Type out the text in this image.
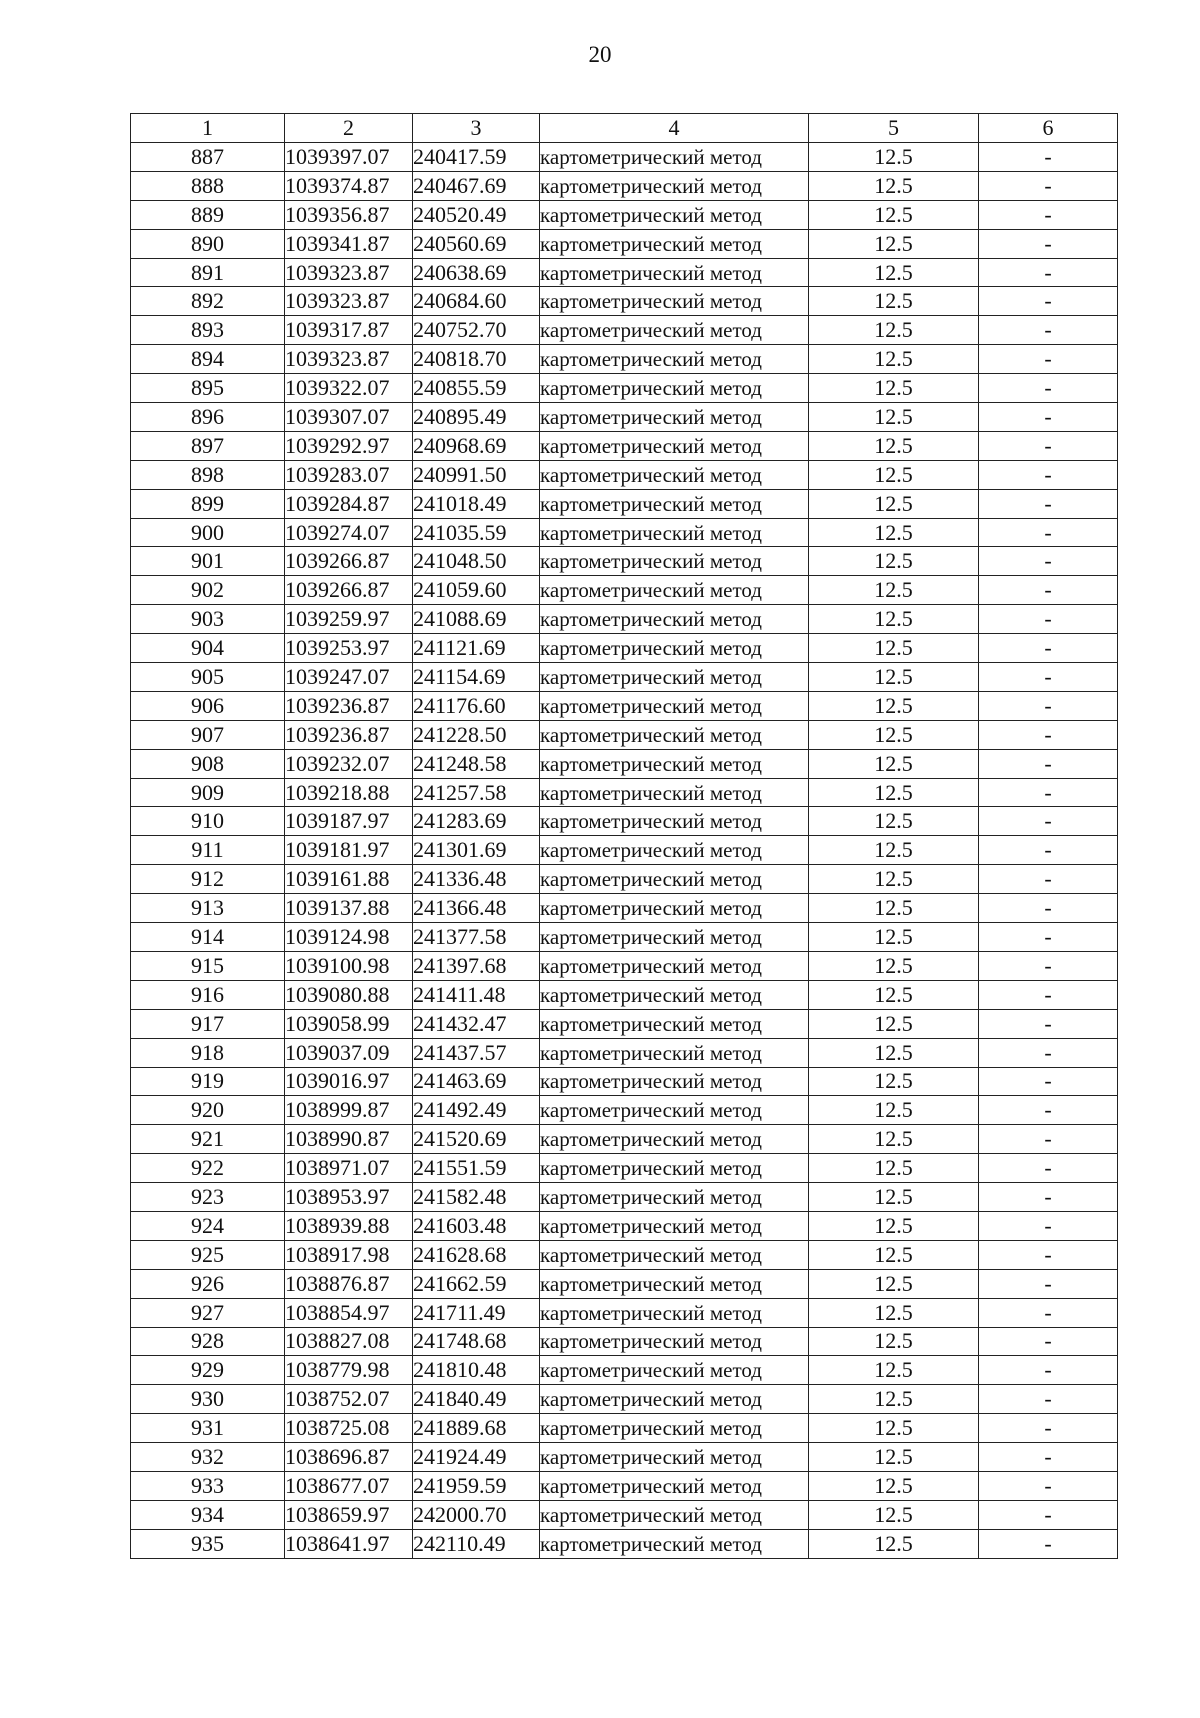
20
1	2	3	4	5	6
887	1039397.07	240417.59	картометрический метод	12.5	-
888	1039374.87	240467.69	картометрический метод	12.5	-
889	1039356.87	240520.49	картометрический метод	12.5	-
890	1039341.87	240560.69	картометрический метод	12.5	-
891	1039323.87	240638.69	картометрический метод	12.5	-
892	1039323.87	240684.60	картометрический метод	12.5	-
893	1039317.87	240752.70	картометрический метод	12.5	-
894	1039323.87	240818.70	картометрический метод	12.5	-
895	1039322.07	240855.59	картометрический метод	12.5	-
896	1039307.07	240895.49	картометрический метод	12.5	-
897	1039292.97	240968.69	картометрический метод	12.5	-
898	1039283.07	240991.50	картометрический метод	12.5	-
899	1039284.87	241018.49	картометрический метод	12.5	-
900	1039274.07	241035.59	картометрический метод	12.5	-
901	1039266.87	241048.50	картометрический метод	12.5	-
902	1039266.87	241059.60	картометрический метод	12.5	-
903	1039259.97	241088.69	картометрический метод	12.5	-
904	1039253.97	241121.69	картометрический метод	12.5	-
905	1039247.07	241154.69	картометрический метод	12.5	-
906	1039236.87	241176.60	картометрический метод	12.5	-
907	1039236.87	241228.50	картометрический метод	12.5	-
908	1039232.07	241248.58	картометрический метод	12.5	-
909	1039218.88	241257.58	картометрический метод	12.5	-
910	1039187.97	241283.69	картометрический метод	12.5	-
911	1039181.97	241301.69	картометрический метод	12.5	-
912	1039161.88	241336.48	картометрический метод	12.5	-
913	1039137.88	241366.48	картометрический метод	12.5	-
914	1039124.98	241377.58	картометрический метод	12.5	-
915	1039100.98	241397.68	картометрический метод	12.5	-
916	1039080.88	241411.48	картометрический метод	12.5	-
917	1039058.99	241432.47	картометрический метод	12.5	-
918	1039037.09	241437.57	картометрический метод	12.5	-
919	1039016.97	241463.69	картометрический метод	12.5	-
920	1038999.87	241492.49	картометрический метод	12.5	-
921	1038990.87	241520.69	картометрический метод	12.5	-
922	1038971.07	241551.59	картометрический метод	12.5	-
923	1038953.97	241582.48	картометрический метод	12.5	-
924	1038939.88	241603.48	картометрический метод	12.5	-
925	1038917.98	241628.68	картометрический метод	12.5	-
926	1038876.87	241662.59	картометрический метод	12.5	-
927	1038854.97	241711.49	картометрический метод	12.5	-
928	1038827.08	241748.68	картометрический метод	12.5	-
929	1038779.98	241810.48	картометрический метод	12.5	-
930	1038752.07	241840.49	картометрический метод	12.5	-
931	1038725.08	241889.68	картометрический метод	12.5	-
932	1038696.87	241924.49	картометрический метод	12.5	-
933	1038677.07	241959.59	картометрический метод	12.5	-
934	1038659.97	242000.70	картометрический метод	12.5	-
935	1038641.97	242110.49	картометрический метод	12.5	-
